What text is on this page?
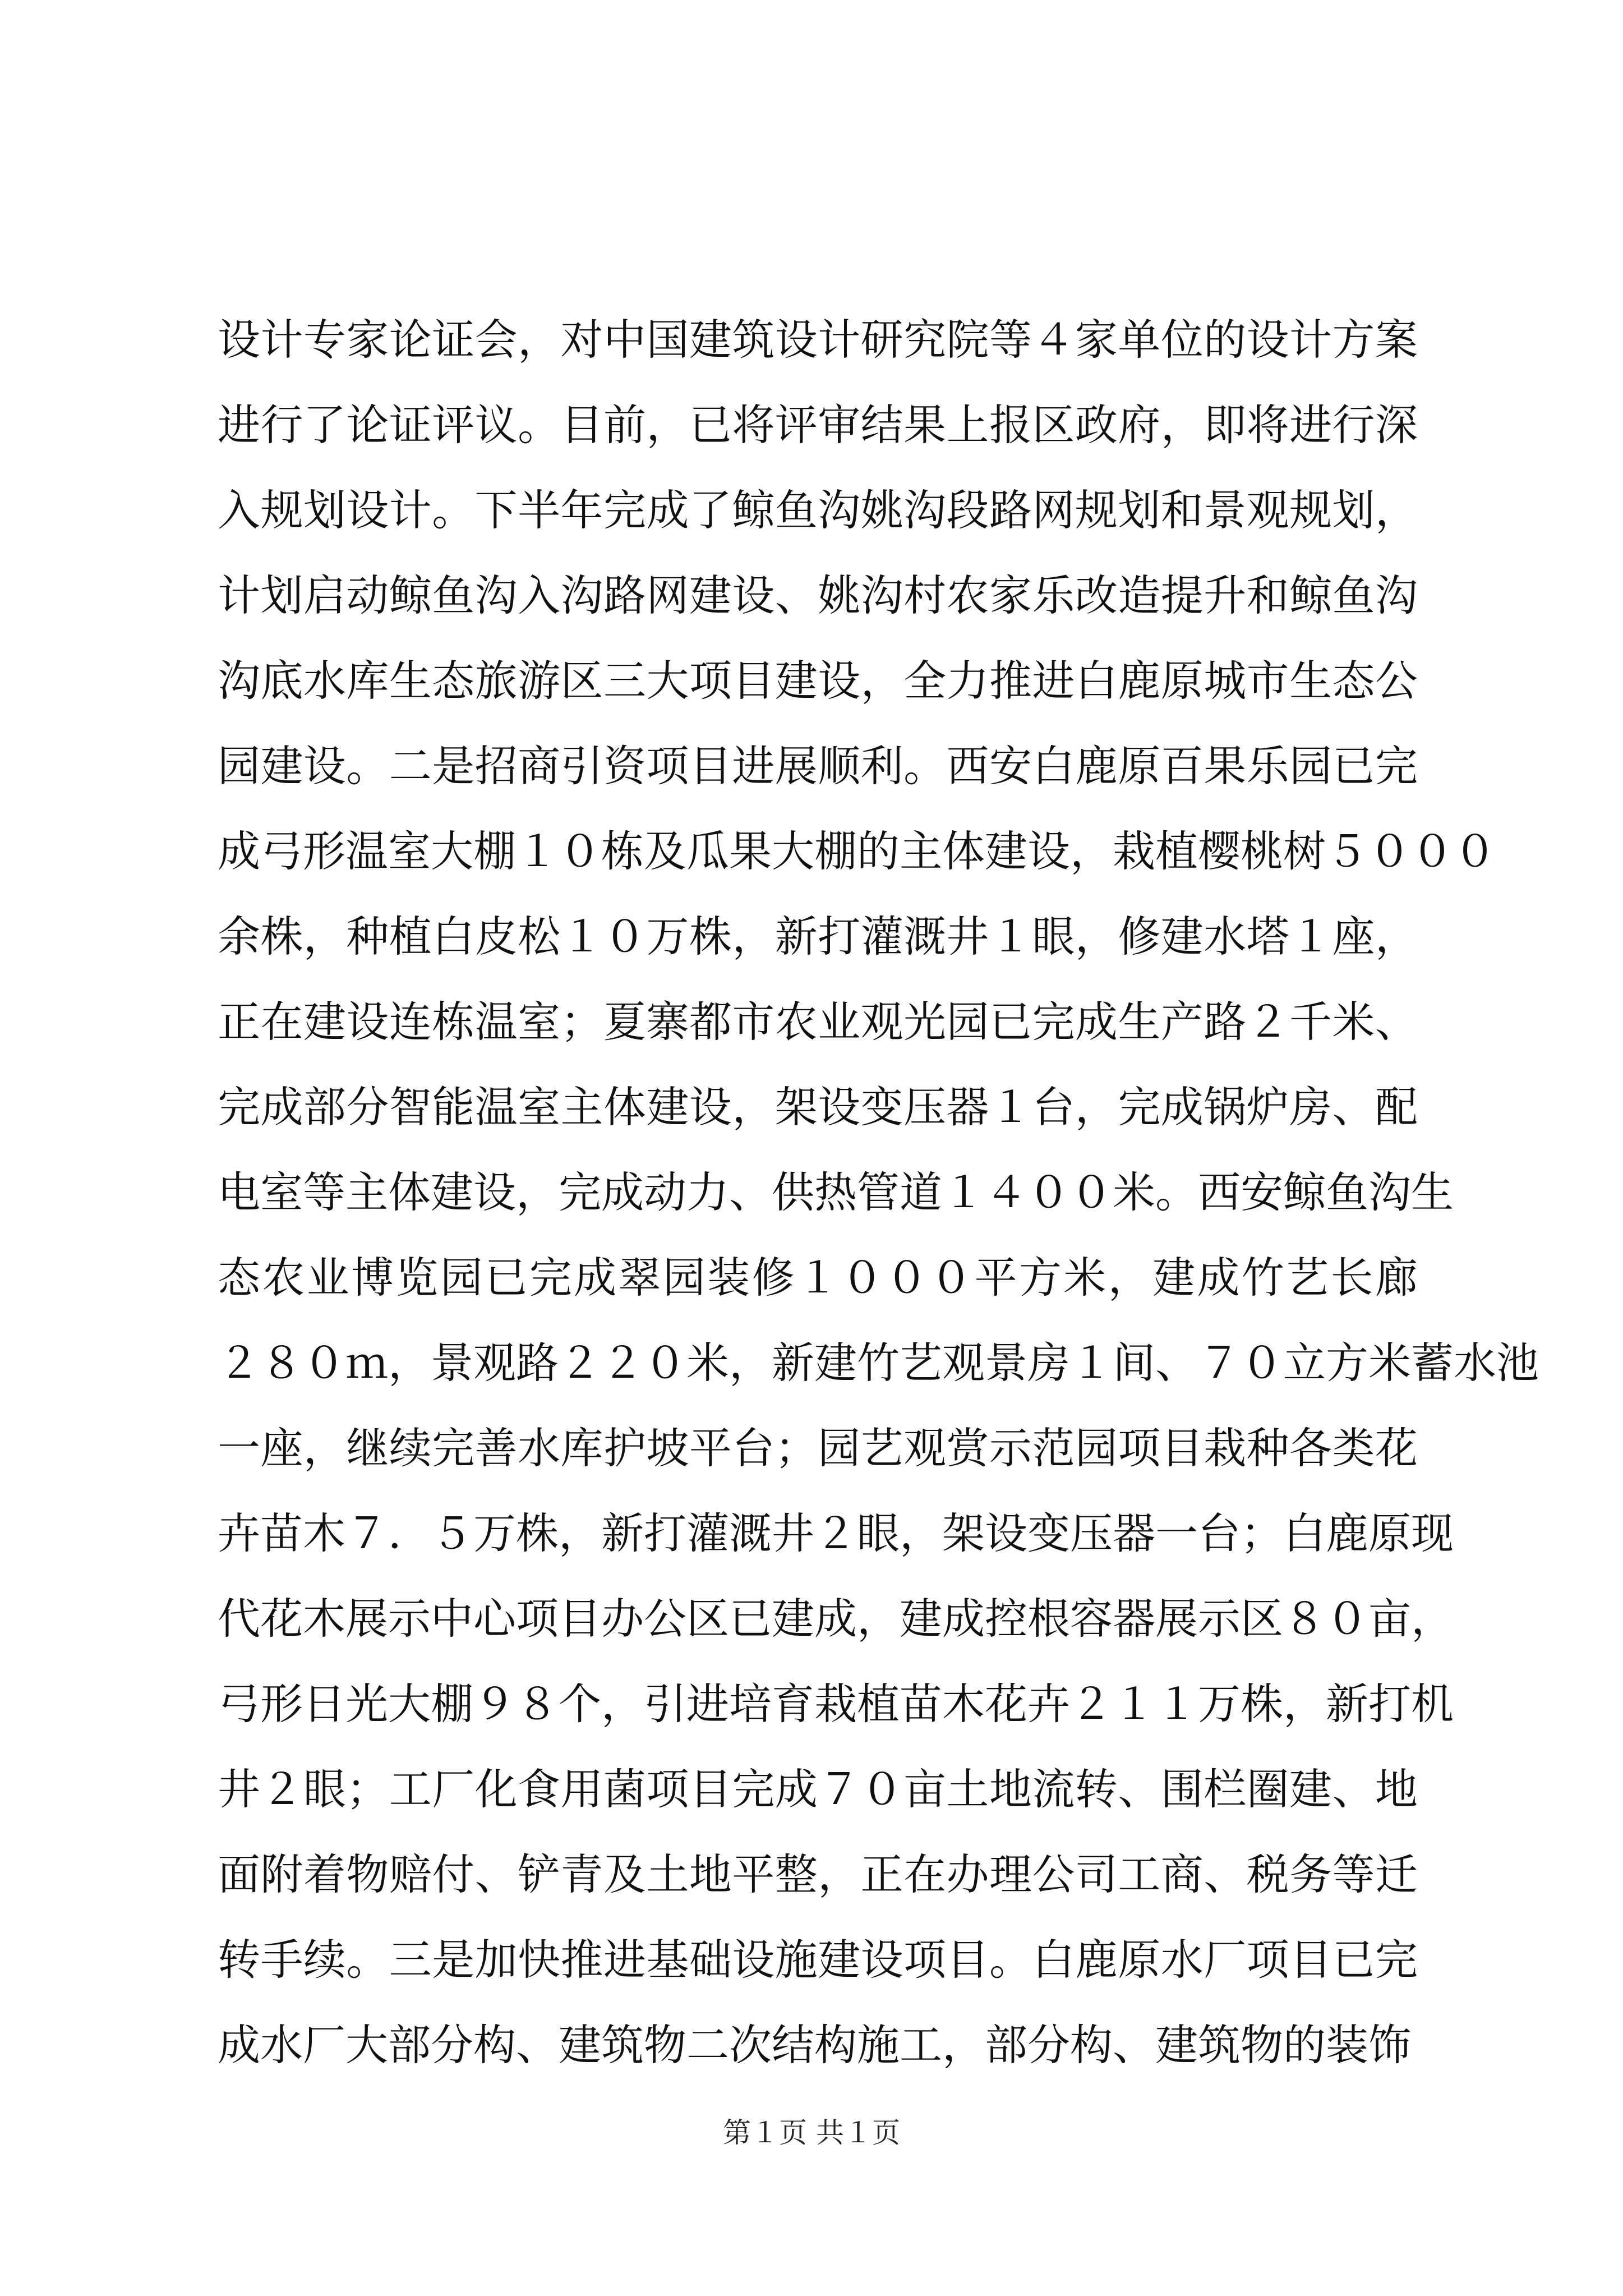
设计专家论证会，对中国建筑设计研究院等４家单位的设计方案
进行了论证评议。目前，已将评审结果上报区政府，即将进行深
入规划设计。下半年完成了鲸鱼沟姚沟段路网规划和景观规划，
计划启动鲸鱼沟入沟路网建设、姚沟村农家乐改造提升和鲸鱼沟
沟底水库生态旅游区三大项目建设，全力推进白鹿原城市生态公
园建设。二是招商引资项目进展顺利。西安白鹿原百果乐园已完
成弓形温室大棚１０栋及瓜果大棚的主体建设，栽植樱桃树５０００
余株，种植白皮松１０万株，新打灌溉井１眼，修建水塔１座，
正在建设连栋温室；夏寨都市农业观光园已完成生产路２千米、
完成部分智能温室主体建设，架设变压器１台，完成锅炉房、配
电室等主体建设，完成动力、供热管道１４００米。西安鲸鱼沟生
态农业博览园已完成翠园装修１０００平方米，建成竹艺长廊
２８０ｍ，景观路２２０米，新建竹艺观景房１间、７０立方米蓄水池
一座，继续完善水库护坡平台；园艺观赏示范园项目栽种各类花
卉苗木７．５万株，新打灌溉井２眼，架设变压器一台；白鹿原现
代花木展示中心项目办公区已建成，建成控根容器展示区８０亩，
弓形日光大棚９８个，引进培育栽植苗木花卉２１１万株，新打机
井２眼；工厂化食用菌项目完成７０亩土地流转、围栏圈建、地
面附着物赔付、铲青及土地平整，正在办理公司工商、税务等迁
转手续。三是加快推进基础设施建设项目。白鹿原水厂项目已完
成水厂大部分构、建筑物二次结构施工，部分构、建筑物的装饰
第１页 共１页
